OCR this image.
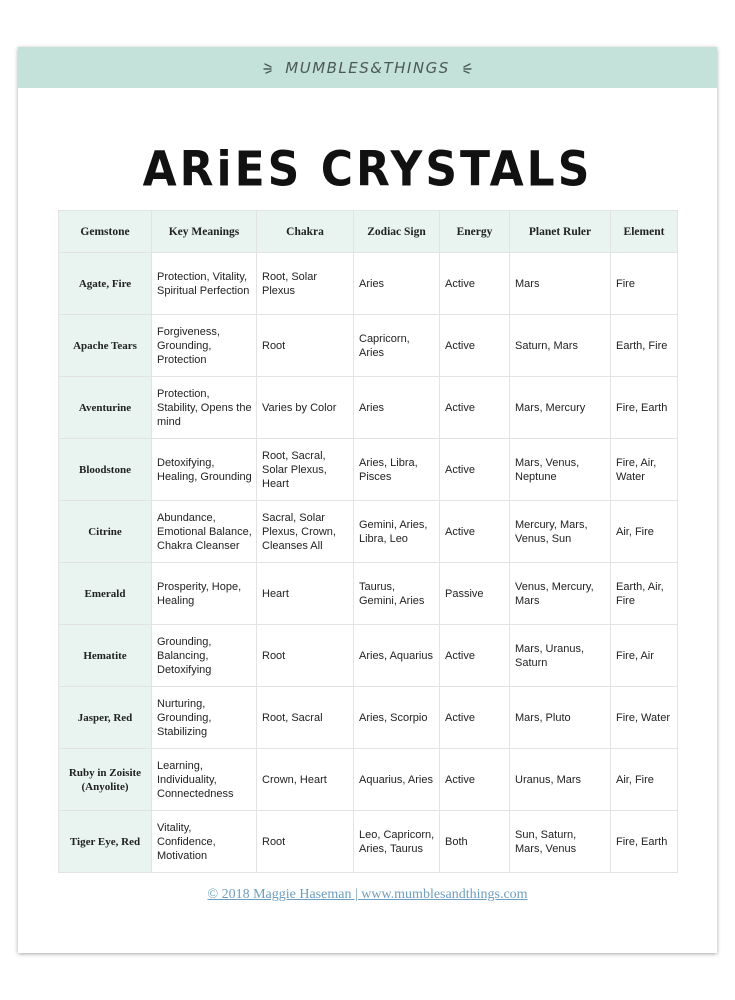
MUMBLES&THINGS
ARiES CRYSTALS
Gemstone	Key Meanings	Chakra	Zodiac Sign	Energy	Planet Ruler	Element
Agate, Fire	Protection, Vitality, Spiritual Perfection	Root, Solar Plexus	Aries	Active	Mars	Fire
Apache Tears	Forgiveness, Grounding, Protection	Root	Capricorn, Aries	Active	Saturn, Mars	Earth, Fire
Aventurine	Protection, Stability, Opens the mind	Varies by Color	Aries	Active	Mars, Mercury	Fire, Earth
Bloodstone	Detoxifying, Healing, Grounding	Root, Sacral, Solar Plexus, Heart	Aries, Libra, Pisces	Active	Mars, Venus, Neptune	Fire, Air, Water
Citrine	Abundance, Emotional Balance, Chakra Cleanser	Sacral, Solar Plexus, Crown, Cleanses All	Gemini, Aries, Libra, Leo	Active	Mercury, Mars, Venus, Sun	Air, Fire
Emerald	Prosperity, Hope, Healing	Heart	Taurus, Gemini, Aries	Passive	Venus, Mercury, Mars	Earth, Air, Fire
Hematite	Grounding, Balancing, Detoxifying	Root	Aries, Aquarius	Active	Mars, Uranus, Saturn	Fire, Air
Jasper, Red	Nurturing, Grounding, Stabilizing	Root, Sacral	Aries, Scorpio	Active	Mars, Pluto	Fire, Water
Ruby in Zoisite (Anyolite)	Learning, Individuality, Connectedness	Crown, Heart	Aquarius, Aries	Active	Uranus, Mars	Air, Fire
Tiger Eye, Red	Vitality, Confidence, Motivation	Root	Leo, Capricorn, Aries, Taurus	Both	Sun, Saturn, Mars, Venus	Fire, Earth
© 2018 Maggie Haseman | www.mumblesandthings.com
